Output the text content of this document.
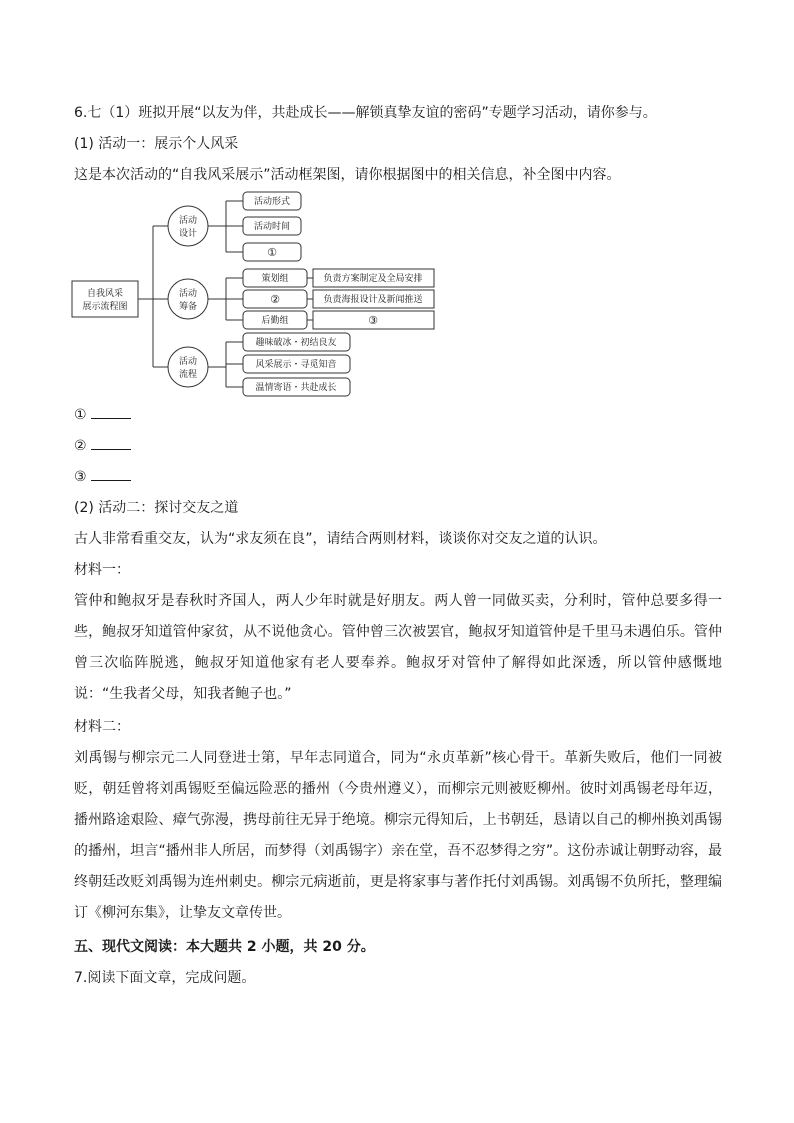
6.七（1）班拟开展“以友为伴，共赴成长——解锁真挚友谊的密码”专题学习活动，请你参与。
(1) 活动一：展示个人风采
这是本次活动的“自我风采展示”活动框架图，请你根据图中的相关信息，补全图中内容。
自我风采
展示流程图
活动
设计
活动
筹备
活动
流程
活动形式
活动时间
①
策划组
②
后勤组
负责方案制定及全局安排
负责海报设计及新闻推送
③
趣味破冰・初结良友
风采展示・寻觅知音
温情寄语・共赴成长
①
②
③
(2) 活动二：探讨交友之道
古人非常看重交友，认为“求友须在良”，请结合两则材料，谈谈你对交友之道的认识。
材料一：
管仲和鲍叔牙是春秋时齐国人，两人少年时就是好朋友。两人曾一同做买卖，分利时，管仲总要多得一些，鲍叔牙知道管仲家贫，从不说他贪心。管仲曾三次被罢官，鲍叔牙知道管仲是千里马未遇伯乐。管仲曾三次临阵脱逃，鲍叔牙知道他家有老人要奉养。鲍叔牙对管仲了解得如此深透，所以管仲感慨地说：“生我者父母，知我者鲍子也。”
材料二：
刘禹锡与柳宗元二人同登进士第，早年志同道合，同为“永贞革新”核心骨干。革新失败后，他们一同被贬，朝廷曾将刘禹锡贬至偏远险恶的播州（今贵州遵义），而柳宗元则被贬柳州。彼时刘禹锡老母年迈，播州路途艰险、瘴气弥漫，携母前往无异于绝境。柳宗元得知后，上书朝廷，恳请以自己的柳州换刘禹锡的播州，坦言“播州非人所居，而梦得（刘禹锡字）亲在堂，吾不忍梦得之穷”。这份赤诚让朝野动容，最终朝廷改贬刘禹锡为连州刺史。柳宗元病逝前，更是将家事与著作托付刘禹锡。刘禹锡不负所托，整理编订《柳河东集》，让挚友文章传世。
五、现代文阅读：本大题共 2 小题，共 20 分。
7.阅读下面文章，完成问题。
